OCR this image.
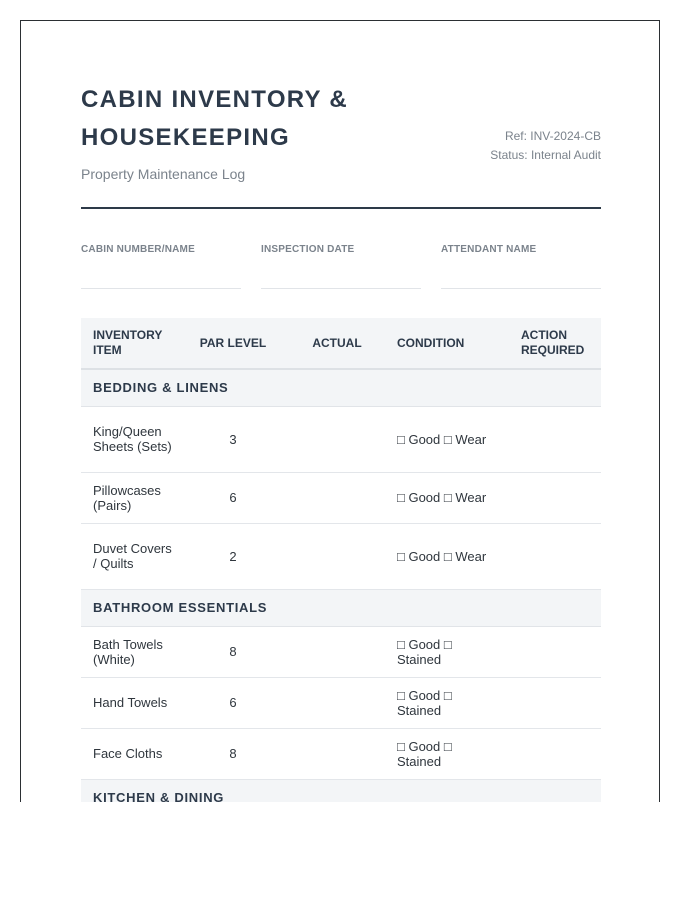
CABIN INVENTORY & HOUSEKEEPING
Property Maintenance Log
Ref: INV-2024-CB
Status: Internal Audit
CABIN NUMBER/NAME	INSPECTION DATE	ATTENDANT NAME
INVENTORY ITEM	PAR LEVEL	ACTUAL	CONDITION	ACTION REQUIRED
BEDDING & LINENS				

King/Queen Sheets (Sets)	3		□ Good □ Wear	

Pillowcases (Pairs)	6		□ Good □ Wear	

Duvet Covers / Quilts	2		□ Good □ Wear	
BATHROOM ESSENTIALS				

Bath Towels (White)	8		□ Good □ Stained	

Hand Towels	6		□ Good □ Stained	

Face Cloths	8		□ Good □ Stained	

KITCHEN & DINING				
